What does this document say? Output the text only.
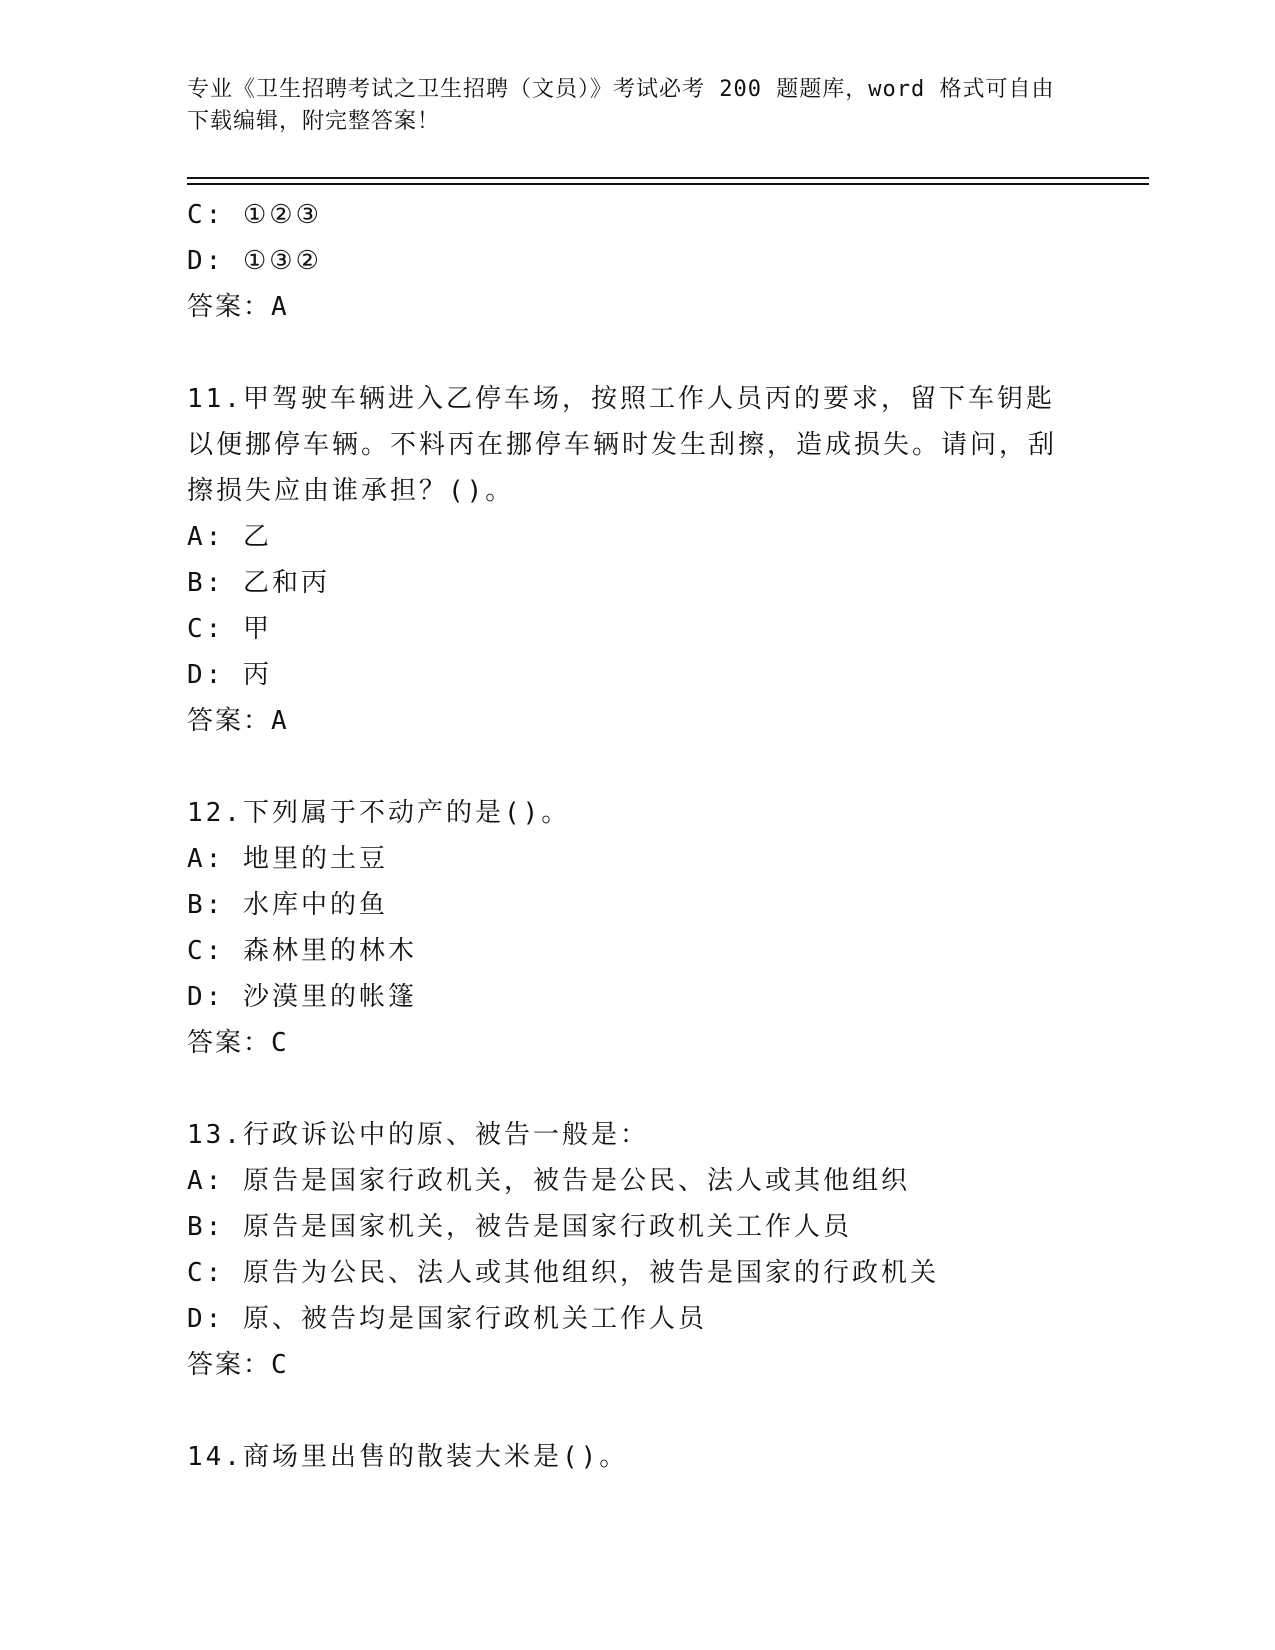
专业《卫生招聘考试之卫生招聘（文员）》考试必考 200 题题库，word 格式可自由下载编辑，附完整答案！
C: ①②③
D: ①③②
答案：A
11.甲驾驶车辆进入乙停车场，按照工作人员丙的要求，留下车钥匙以便挪停车辆。不料丙在挪停车辆时发生刮擦，造成损失。请问，刮擦损失应由谁承担？()。
A: 乙
B: 乙和丙
C: 甲
D: 丙
答案：A
12.下列属于不动产的是()。
A: 地里的土豆
B: 水库中的鱼
C: 森林里的林木
D: 沙漠里的帐篷
答案：C
13.行政诉讼中的原、被告一般是：
A: 原告是国家行政机关，被告是公民、法人或其他组织
B: 原告是国家机关，被告是国家行政机关工作人员
C: 原告为公民、法人或其他组织，被告是国家的行政机关
D: 原、被告均是国家行政机关工作人员
答案：C
14.商场里出售的散装大米是()。
